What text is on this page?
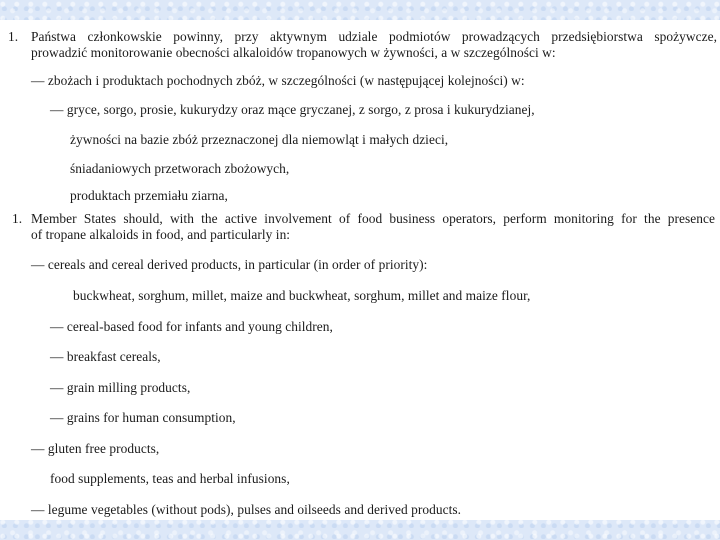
1. Państwa członkowskie powinny, przy aktywnym udziale podmiotów prowadzących przedsiębiorstwa spożywcze,
prowadzić monitorowanie obecności alkaloidów tropanowych w żywności, a w szczególności w:
— zbożach i produktach pochodnych zbóż, w szczególności (w następującej kolejności) w:
— gryce, sorgo, prosie, kukurydzy oraz mące gryczanej, z sorgo, z prosa i kukurydzianej,
żywności na bazie zbóż przeznaczonej dla niemowląt i małych dzieci,
śniadaniowych przetworach zbożowych,
produktach przemiału ziarna,
1. Member States should, with the active involvement of food business operators, perform monitoring for the presence
of tropane alkaloids in food, and particularly in:
— cereals and cereal derived products, in particular (in order of priority):
buckwheat, sorghum, millet, maize and buckwheat, sorghum, millet and maize flour,
— cereal-based food for infants and young children,
— breakfast cereals,
— grain milling products,
— grains for human consumption,
— gluten free products,
food supplements, teas and herbal infusions,
— legume vegetables (without pods), pulses and oilseeds and derived products.
